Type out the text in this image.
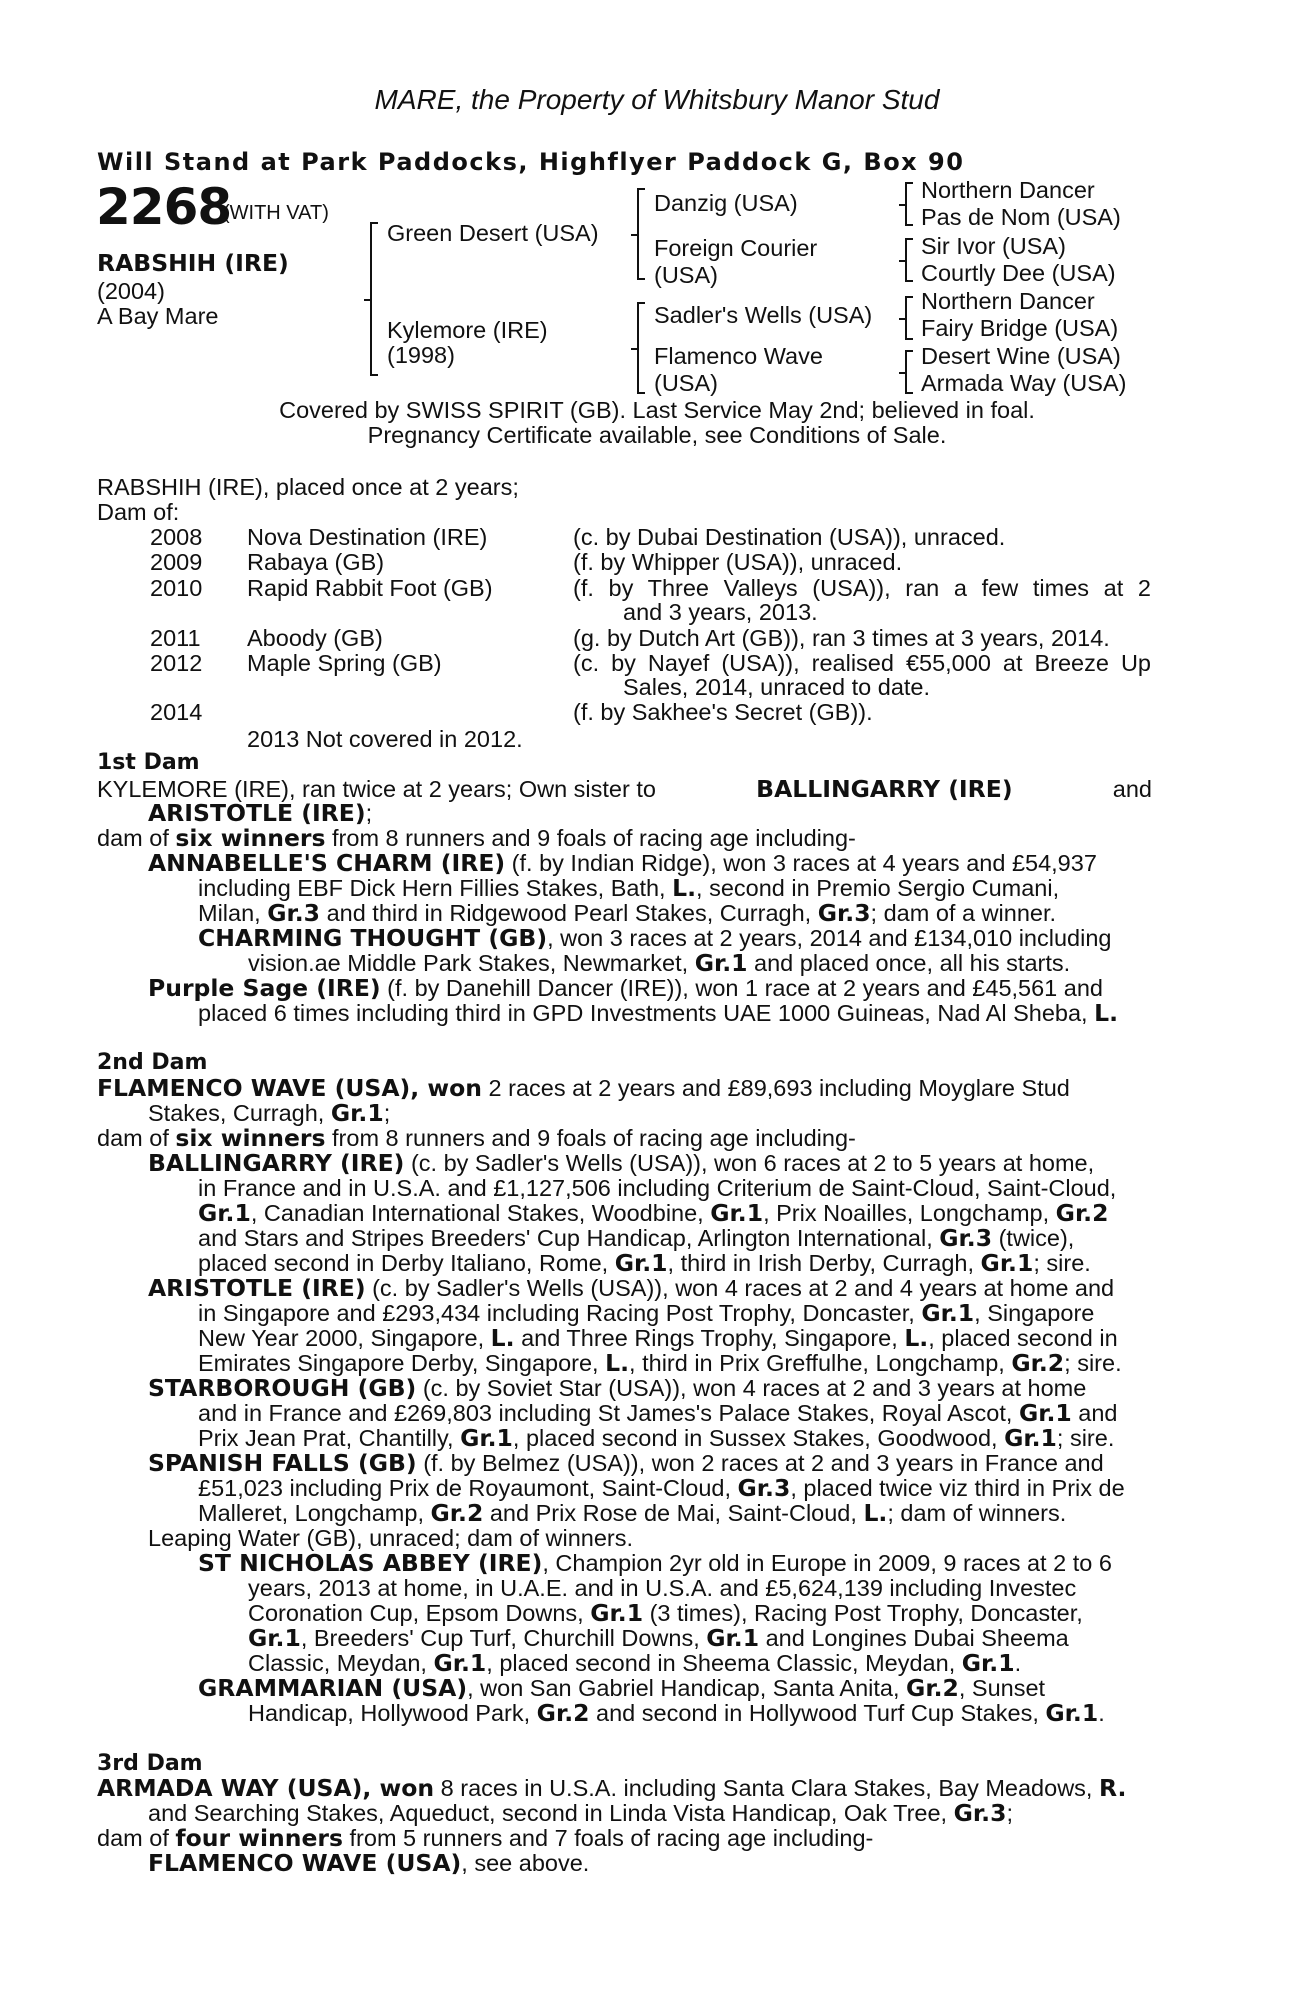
MARE, the Property of Whitsbury Manor Stud
Will Stand at Park Paddocks, Highflyer Paddock G, Box 90
2268
(WITH VAT)
RABSHIH (IRE)
(2004)
A Bay Mare
Green Desert (USA)
Kylemore (IRE)
(1998)
Danzig (USA)
Foreign Courier
(USA)
Sadler's Wells (USA)
Flamenco Wave
(USA)
Northern Dancer
Pas de Nom (USA)
Sir Ivor (USA)
Courtly Dee (USA)
Northern Dancer
Fairy Bridge (USA)
Desert Wine (USA)
Armada Way (USA)
Covered by SWISS SPIRIT (GB). Last Service May 2nd; believed in foal.
Pregnancy Certificate available, see Conditions of Sale.
RABSHIH (IRE), placed once at 2 years;
Dam of:
2008 Nova Destination (IRE)	(c. by Dubai Destination (USA)), unraced.
2009 Rabaya (GB)	(f. by Whipper (USA)), unraced.
2010 Rapid Rabbit Foot (GB)	(f. by Three Valleys (USA)), ran a few times at 2
and 3 years, 2013.
2011 Aboody (GB)	(g. by Dutch Art (GB)), ran 3 times at 3 years, 2014.
2012 Maple Spring (GB)	(c. by Nayef (USA)), realised €55,000 at Breeze Up
Sales, 2014, unraced to date.
2014	(f. by Sakhee's Secret (GB)).
2013 Not covered in 2012.
1st Dam
KYLEMORE (IRE), ran twice at 2 years; Own sister to	BALLINGARRY (IRE)	and
ARISTOTLE (IRE);
dam of six winners from 8 runners and 9 foals of racing age including-
ANNABELLE'S CHARM (IRE) (f. by Indian Ridge), won 3 races at 4 years and £54,937
including EBF Dick Hern Fillies Stakes, Bath, L., second in Premio Sergio Cumani,
Milan, Gr.3 and third in Ridgewood Pearl Stakes, Curragh, Gr.3; dam of a winner.
CHARMING THOUGHT (GB), won 3 races at 2 years, 2014 and £134,010 including
vision.ae Middle Park Stakes, Newmarket, Gr.1 and placed once, all his starts.
Purple Sage (IRE) (f. by Danehill Dancer (IRE)), won 1 race at 2 years and £45,561 and
placed 6 times including third in GPD Investments UAE 1000 Guineas, Nad Al Sheba, L.
2nd Dam
FLAMENCO WAVE (USA), won 2 races at 2 years and £89,693 including Moyglare Stud
Stakes, Curragh, Gr.1;
dam of six winners from 8 runners and 9 foals of racing age including-
BALLINGARRY (IRE) (c. by Sadler's Wells (USA)), won 6 races at 2 to 5 years at home,
in France and in U.S.A. and £1,127,506 including Criterium de Saint-Cloud, Saint-Cloud,
Gr.1, Canadian International Stakes, Woodbine, Gr.1, Prix Noailles, Longchamp, Gr.2
and Stars and Stripes Breeders' Cup Handicap, Arlington International, Gr.3 (twice),
placed second in Derby Italiano, Rome, Gr.1, third in Irish Derby, Curragh, Gr.1; sire.
ARISTOTLE (IRE) (c. by Sadler's Wells (USA)), won 4 races at 2 and 4 years at home and
in Singapore and £293,434 including Racing Post Trophy, Doncaster, Gr.1, Singapore
New Year 2000, Singapore, L. and Three Rings Trophy, Singapore, L., placed second in
Emirates Singapore Derby, Singapore, L., third in Prix Greffulhe, Longchamp, Gr.2; sire.
STARBOROUGH (GB) (c. by Soviet Star (USA)), won 4 races at 2 and 3 years at home
and in France and £269,803 including St James's Palace Stakes, Royal Ascot, Gr.1 and
Prix Jean Prat, Chantilly, Gr.1, placed second in Sussex Stakes, Goodwood, Gr.1; sire.
SPANISH FALLS (GB) (f. by Belmez (USA)), won 2 races at 2 and 3 years in France and
£51,023 including Prix de Royaumont, Saint-Cloud, Gr.3, placed twice viz third in Prix de
Malleret, Longchamp, Gr.2 and Prix Rose de Mai, Saint-Cloud, L.; dam of winners.
Leaping Water (GB), unraced; dam of winners.
ST NICHOLAS ABBEY (IRE), Champion 2yr old in Europe in 2009, 9 races at 2 to 6
years, 2013 at home, in U.A.E. and in U.S.A. and £5,624,139 including Investec
Coronation Cup, Epsom Downs, Gr.1 (3 times), Racing Post Trophy, Doncaster,
Gr.1, Breeders' Cup Turf, Churchill Downs, Gr.1 and Longines Dubai Sheema
Classic, Meydan, Gr.1, placed second in Sheema Classic, Meydan, Gr.1.
GRAMMARIAN (USA), won San Gabriel Handicap, Santa Anita, Gr.2, Sunset
Handicap, Hollywood Park, Gr.2 and second in Hollywood Turf Cup Stakes, Gr.1.
3rd Dam
ARMADA WAY (USA), won 8 races in U.S.A. including Santa Clara Stakes, Bay Meadows, R.
and Searching Stakes, Aqueduct, second in Linda Vista Handicap, Oak Tree, Gr.3;
dam of four winners from 5 runners and 7 foals of racing age including-
FLAMENCO WAVE (USA), see above.
